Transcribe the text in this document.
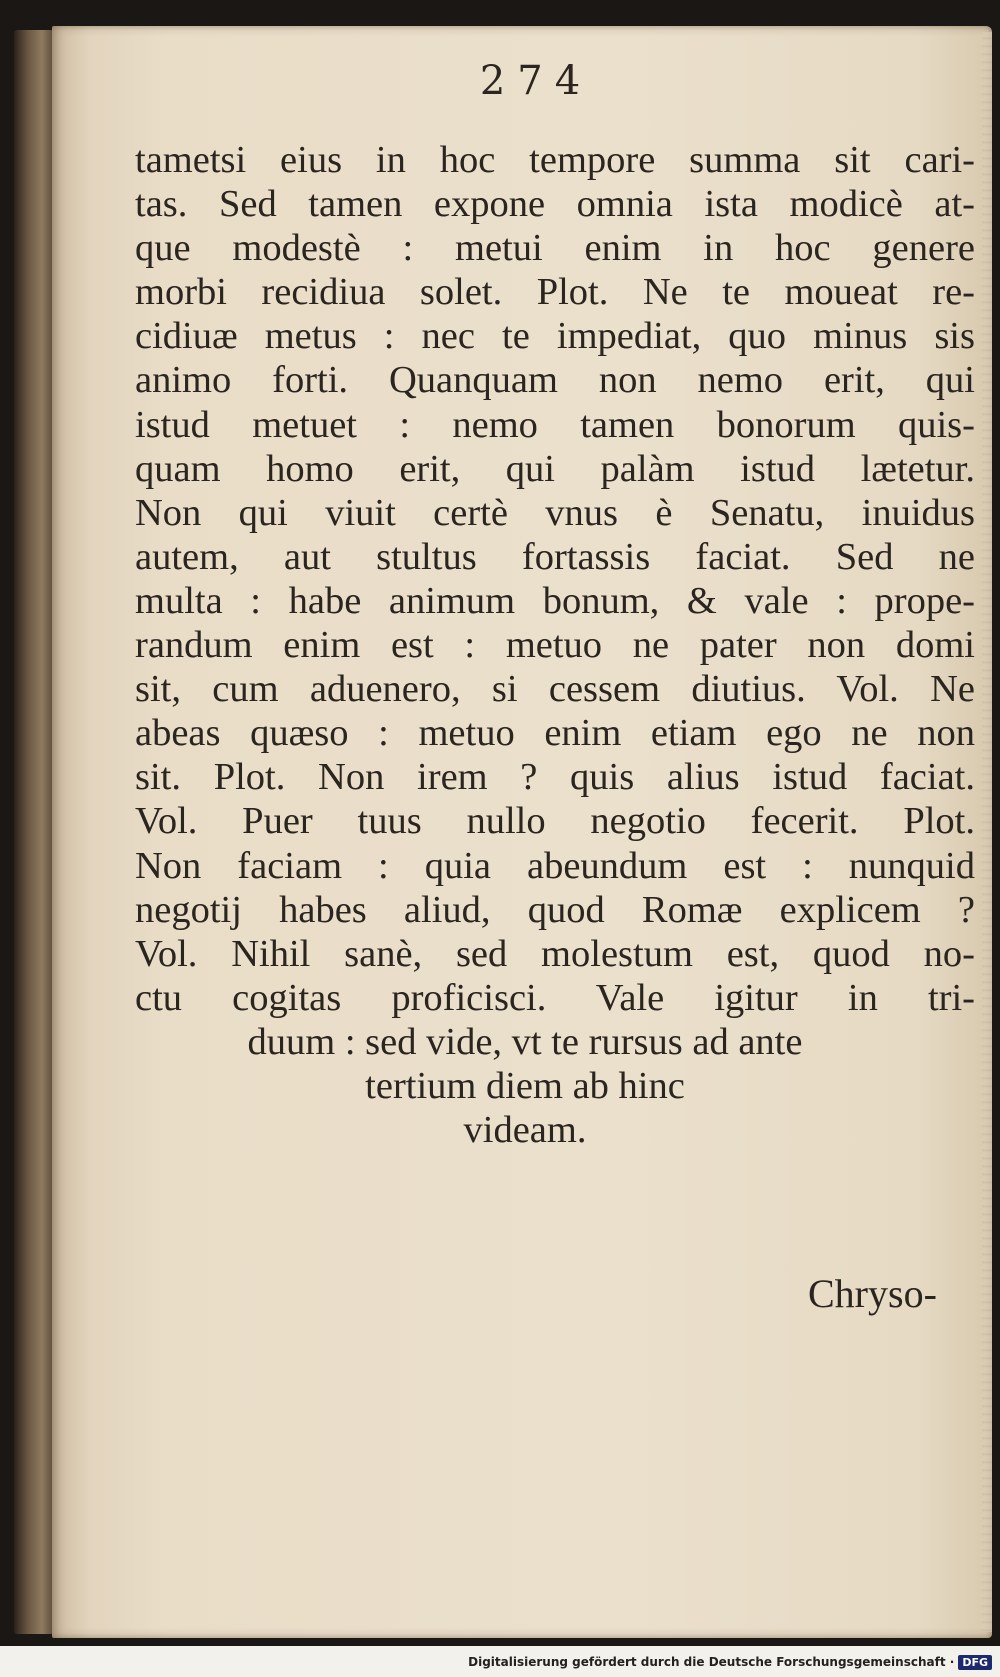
274
tametsi eius in hoc tempore summa sit cari-
tas. Sed tamen expone omnia ista modicè at-
que modestè : metui enim in hoc genere
morbi recidiua solet. Plot. Ne te moueat re-
cidiuæ metus : nec te impediat, quo minus sis
animo forti. Quanquam non nemo erit, qui
istud metuet : nemo tamen bonorum quis-
quam homo erit, qui palàm istud lætetur.
Non qui viuit certè vnus è Senatu, inuidus
autem, aut stultus fortassis faciat. Sed ne
multa : habe animum bonum, & vale : prope-
randum enim est : metuo ne pater non domi
sit, cum aduenero, si cessem diutius. Vol. Ne
abeas quæso : metuo enim etiam ego ne non
sit. Plot. Non irem ? quis alius istud faciat.
Vol. Puer tuus nullo negotio fecerit. Plot.
Non faciam : quia abeundum est : nunquid
negotij habes aliud, quod Romæ explicem ?
Vol. Nihil sanè, sed molestum est, quod no-
ctu cogitas proficisci. Vale igitur in tri-
duum : sed vide, vt te rursus ad ante
tertium diem ab hinc
videam.
Chryso-
Digitalisierung gefördert durch die Deutsche Forschungsgemeinschaft · DFG
